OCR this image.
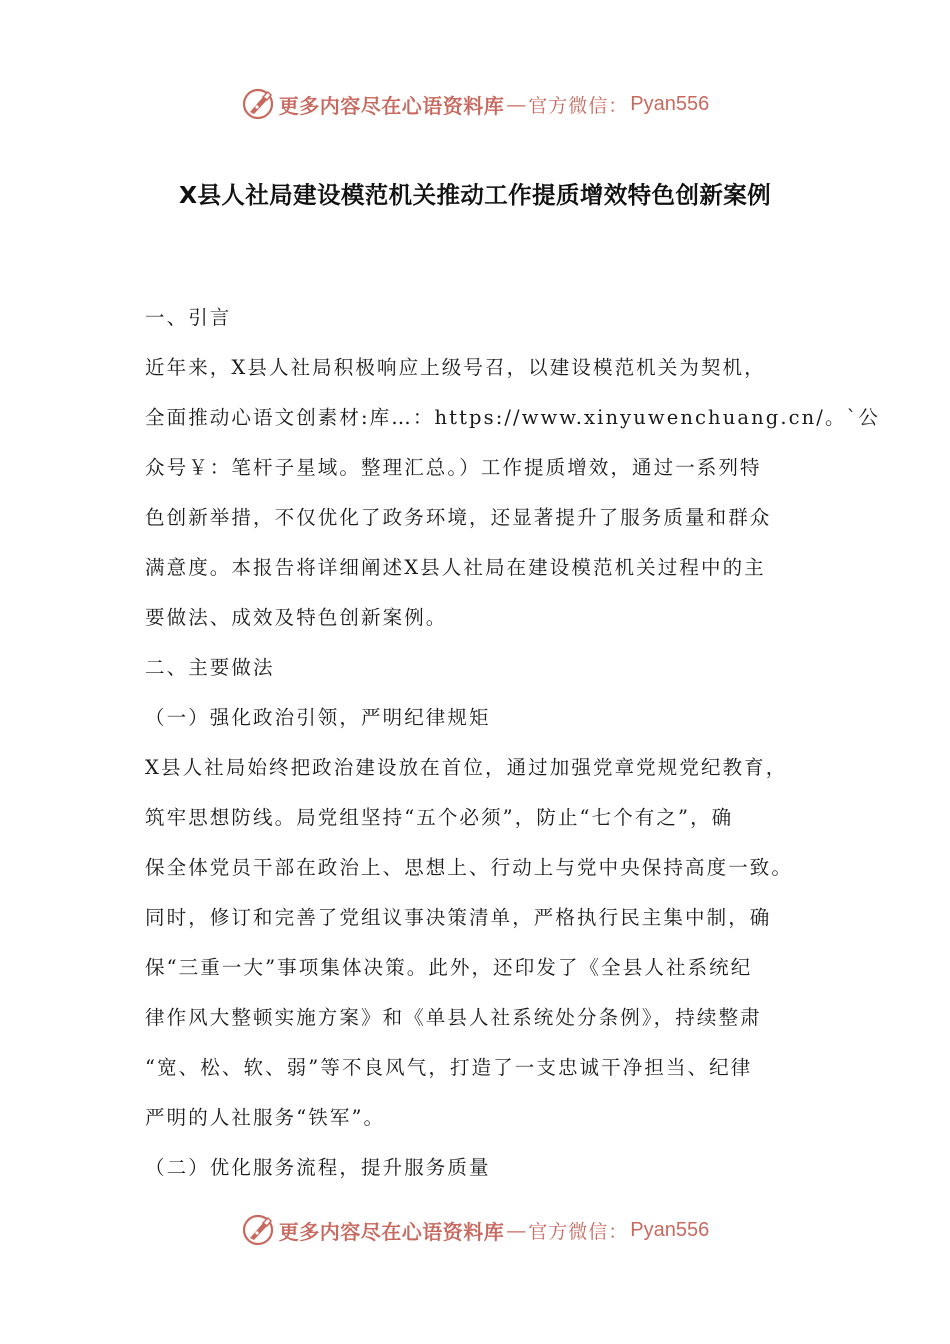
更多内容尽在心语资料库 — 官方微信： Pyan556
X县人社局建设模范机关推动工作提质增效特色创新案例
一、引言
近年来，X县人社局积极响应上级号召，以建设模范机关为契机，
全面推动心语文创素材:库…：https://www.xinyuwenchuang.cn/。`公
众号￥：笔杆子星域。整理汇总。）工作提质增效，通过一系列特
色创新举措，不仅优化了政务环境，还显著提升了服务质量和群众
满意度。本报告将详细阐述X县人社局在建设模范机关过程中的主
要做法、成效及特色创新案例。
二、主要做法
（一）强化政治引领，严明纪律规矩
X县人社局始终把政治建设放在首位，通过加强党章党规党纪教育，
筑牢思想防线。局党组坚持“五个必须”，防止“七个有之”，确
保全体党员干部在政治上、思想上、行动上与党中央保持高度一致。
同时，修订和完善了党组议事决策清单，严格执行民主集中制，确
保“三重一大”事项集体决策。此外，还印发了《全县人社系统纪
律作风大整顿实施方案》和《单县人社系统处分条例》，持续整肃
“宽、松、软、弱”等不良风气，打造了一支忠诚干净担当、纪律
严明的人社服务“铁军”。
（二）优化服务流程，提升服务质量
更多内容尽在心语资料库 — 官方微信： Pyan556
